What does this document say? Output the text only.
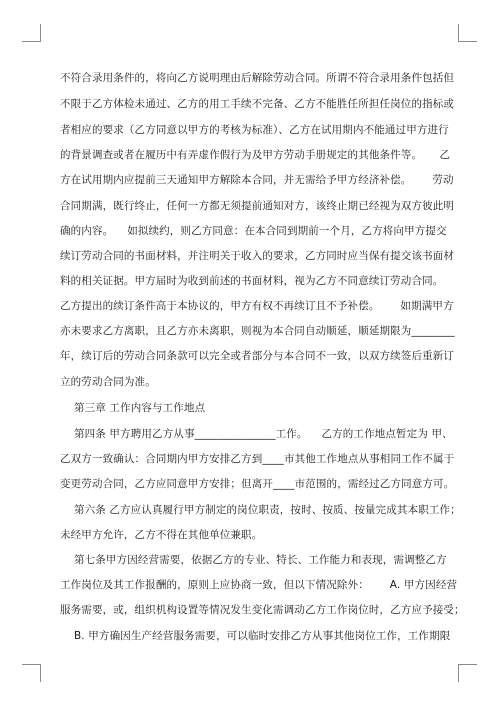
不符合录用条件的，将向乙方说明理由后解除劳动合同。所谓不符合录用条件包括但
不限于乙方体检未通过、乙方的用工手续不完备、乙方不能胜任所担任岗位的指标或
者相应的要求（乙方同意以甲方的考核为标准）、乙方在试用期内不能通过甲方进行
的背景调查或者在履历中有弄虚作假行为及甲方劳动手册规定的其他条件等。     乙
方在试用期内应提前三天通知甲方解除本合同，并无需给予甲方经济补偿。      劳动
合同期满，既行终止，任何一方都无须提前通知对方，该终止期已经视为双方彼此明
确的内容。    如拟续约，则乙方同意：在本合同到期前一个月，乙方将向甲方提交
续订劳动合同的书面材料，并注明关于收入的要求，乙方同时应当保有提交该书面材
料的相关证据。甲方届时为收到前述的书面材料，视为乙方不同意续订劳动合同。
乙方提出的续订条件高于本协议的，甲方有权不再续订且不予补偿。      如期满甲方
亦未要求乙方离职，且乙方亦未离职，则视为本合同自动顺延，顺延期限为________
年，续订后的劳动合同条款可以完全或者部分与本合同不一致，以双方续签后重新订
立的劳动合同为准。
第三章 工作内容与工作地点
第四条 甲方聘用乙方从事_______________工作。    乙方的工作地点暂定为 甲、
乙双方一致确认：合同期内甲方安排乙方到____市其他工作地点从事相同工作不属于
变更劳动合同，乙方应同意甲方安排；但离开____市范围的，需经过乙方同意方可。
第六条 乙方应认真履行甲方制定的岗位职责，按时、按质、按量完成其本职工作；
未经甲方允许，乙方不得在其他单位兼职。
第七条甲方因经营需要，依据乙方的专业、特长、工作能力和表现，需调整乙方
工作岗位及其工作报酬的，原则上应协商一致，但以下情况除外：      A. 甲方因经营
服务需要，或，组织机构设置等情况发生变化需调动乙方工作岗位时，乙方应予接受；
B. 甲方确因生产经营服务需要，可以临时安排乙方从事其他岗位工作，工作期限
